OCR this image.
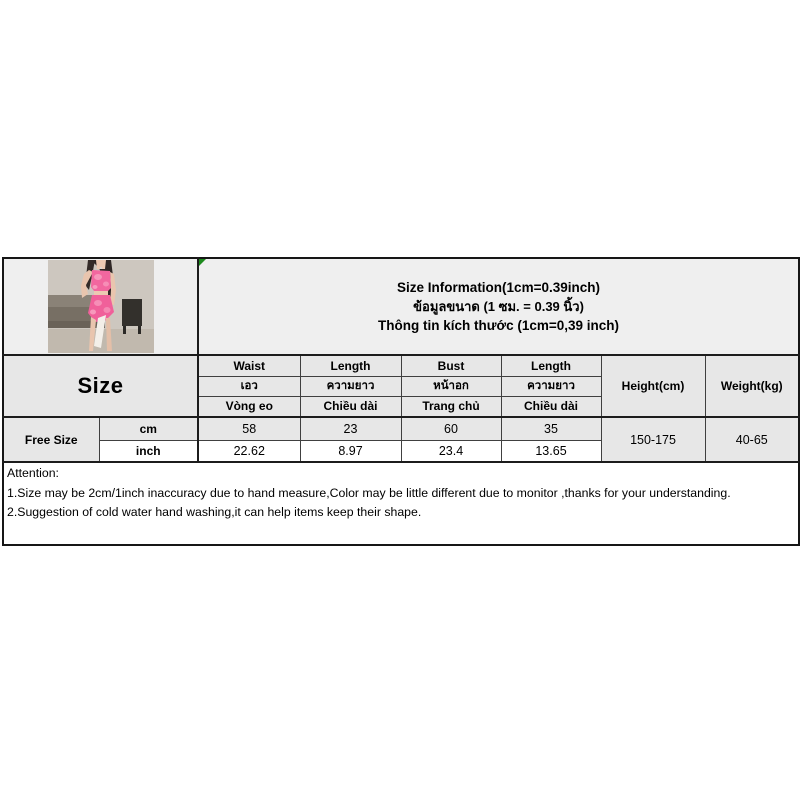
Size Information(1cm=0.39inch)
ข้อมูลขนาด (1 ซม. = 0.39 นิ้ว)
Thông tin kích thước (1cm=0,39 inch)					

Size		Waist	Length	Bust	Length	Height(cm)	Weight(kg)
		เอว	ความยาว	หน้าอก	ความยาว		
		Vòng eo	Chiều dài	Trang chủ	Chiều dài		
Free Size	cm	58	23	60	35	150-175	40-65
	inch	22.62	8.97	23.4	13.65		

Attention:
1.Size may be 2cm/1inch inaccuracy due to hand measure,Color may be little different due to monitor ,thanks for your understanding.
2.Suggestion of cold water hand washing,it can help items keep their shape.							
